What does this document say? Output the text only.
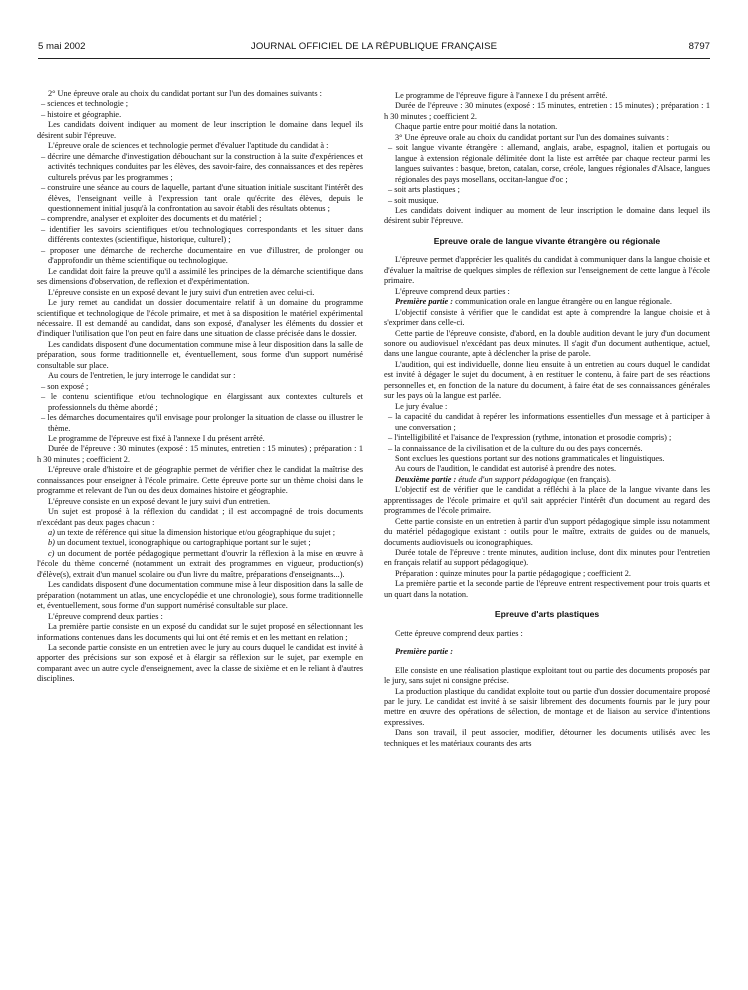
5 mai 2002	JOURNAL OFFICIEL DE LA RÉPUBLIQUE FRANÇAISE	8797

2° Une épreuve orale au choix du candidat portant sur l'un des domaines suivants :

– sciences et technologie ;
– histoire et géographie.

Les candidats doivent indiquer au moment de leur inscription le domaine dans lequel ils désirent subir l'épreuve.

L'épreuve orale de sciences et technologie permet d'évaluer l'aptitude du candidat à :

– décrire une démarche d'investigation débouchant sur la construction à la suite d'expériences et activités techniques conduites par les élèves, des savoir-faire, des connaissances et des repères culturels prévus par les programmes ;
– construire une séance au cours de laquelle, partant d'une situation initiale suscitant l'intérêt des élèves, l'enseignant veille à l'expression tant orale qu'écrite des élèves, depuis le questionnement initial jusqu'à la confrontation au savoir établi des résultats obtenus ;
– comprendre, analyser et exploiter des documents et du matériel ;
– identifier les savoirs scientifiques et/ou technologiques correspondants et les situer dans différents contextes (scientifique, historique, culturel) ;
– proposer une démarche de recherche documentaire en vue d'illustrer, de prolonger ou d'approfondir un thème scientifique ou technologique.

Le candidat doit faire la preuve qu'il a assimilé les principes de la démarche scientifique dans ses dimensions d'observation, de reflexion et d'expérimentation.

L'épreuve consiste en un exposé devant le jury suivi d'un entretien avec celui-ci.

Le jury remet au candidat un dossier documentaire relatif à un domaine du programme scientifique et technologique de l'école primaire, et met à sa disposition le matériel expérimental nécessaire. Il est demandé au candidat, dans son exposé, d'analyser les éléments du dossier et d'indiquer l'utilisation que l'on peut en faire dans une situation de classe précisée dans le dossier.

Les candidats disposent d'une documentation commune mise à leur disposition dans la salle de préparation, sous forme traditionnelle et, éventuellement, sous forme d'un support numérisé consultable sur place.

Au cours de l'entretien, le jury interroge le candidat sur :

– son exposé ;
– le contenu scientifique et/ou technologique en élargissant aux contextes culturels et professionnels du thème abordé ;
– les démarches documentaires qu'il envisage pour prolonger la situation de classe ou illustrer le thème.

Le programme de l'épreuve est fixé à l'annexe I du présent arrêté.

Durée de l'épreuve : 30 minutes (exposé : 15 minutes, entretien : 15 minutes) ; préparation : 1 h 30 minutes ; coefficient 2.

L'épreuve orale d'histoire et de géographie permet de vérifier chez le candidat la maîtrise des connaissances pour enseigner à l'école primaire. Cette épreuve porte sur un thème choisi dans le programme et relevant de l'un ou des deux domaines histoire et géographie.

L'épreuve consiste en un exposé devant le jury suivi d'un entretien.

Un sujet est proposé à la réflexion du candidat ; il est accompagné de trois documents n'excédant pas deux pages chacun :

a) un texte de référence qui situe la dimension historique et/ou géographique du sujet ;

b) un document textuel, iconographique ou cartographique portant sur le sujet ;

c) un document de portée pédagogique permettant d'ouvrir la réflexion à la mise en œuvre à l'école du thème concerné (notamment un extrait des programmes en vigueur, production(s) d'élève(s), extrait d'un manuel scolaire ou d'un livre du maître, préparations d'enseignants...).

Les candidats disposent d'une documentation commune mise à leur disposition dans la salle de préparation (notamment un atlas, une encyclopédie et une chronologie), sous forme traditionnelle et, éventuellement, sous forme d'un support numérisé consultable sur place.

L'épreuve comprend deux parties :

La première partie consiste en un exposé du candidat sur le sujet proposé en sélectionnant les informations contenues dans les documents qui lui ont été remis et en les mettant en relation ;

La seconde partie consiste en un entretien avec le jury au cours duquel le candidat est invité à apporter des précisions sur son exposé et à élargir sa réflexion sur le sujet, par exemple en comparant avec un autre cycle d'enseignement, avec la classe de sixième et en le reliant à d'autres disciplines.

Le programme de l'épreuve figure à l'annexe I du présent arrêté.

Durée de l'épreuve : 30 minutes (exposé : 15 minutes, entretien : 15 minutes) ; préparation : 1 h 30 minutes ; coefficient 2.

Chaque partie entre pour moitié dans la notation.

3° Une épreuve orale au choix du candidat portant sur l'un des domaines suivants :

– soit langue vivante étrangère : allemand, anglais, arabe, espagnol, italien et portugais ou langue à extension régionale délimitée dont la liste est arrêtée par chaque recteur parmi les langues suivantes : basque, breton, catalan, corse, créole, langues régionales d'Alsace, langues régionales des pays mosellans, occitan-langue d'oc ;
– soit arts plastiques ;
– soit musique.

Les candidats doivent indiquer au moment de leur inscription le domaine dans lequel ils désirent subir l'épreuve.

Epreuve orale de langue vivante étrangère ou régionale

L'épreuve permet d'apprécier les qualités du candidat à communiquer dans la langue choisie et d'évaluer la maîtrise de quelques simples de réflexion sur l'enseignement de cette langue à l'école primaire.

L'épreuve comprend deux parties :

Première partie : communication orale en langue étrangère ou en langue régionale.

L'objectif consiste à vérifier que le candidat est apte à comprendre la langue choisie et à s'exprimer dans celle-ci.

Cette partie de l'épreuve consiste, d'abord, en la double audition devant le jury d'un document sonore ou audiovisuel n'excédant pas deux minutes. Il s'agit d'un document authentique, actuel, dans une langue courante, apte à déclencher la prise de parole.

L'audition, qui est individuelle, donne lieu ensuite à un entretien au cours duquel le candidat est invité à dégager le sujet du document, à en restituer le contenu, à faire part de ses réactions personnelles et, en fonction de la nature du document, à faire état de ses connaissances générales sur les pays où la langue est parlée.

Le jury évalue :

– la capacité du candidat à repérer les informations essentielles d'un message et à participer à une conversation ;
– l'intelligibilité et l'aisance de l'expression (rythme, intonation et prosodie compris) ;
– la connaissance de la civilisation et de la culture du ou des pays concernés.

Sont exclues les questions portant sur des notions grammaticales et linguistiques.

Au cours de l'audition, le candidat est autorisé à prendre des notes.

Deuxième partie : étude d'un support pédagogique (en français).

L'objectif est de vérifier que le candidat a réfléchi à la place de la langue vivante dans les apprentissages de l'école primaire et qu'il sait apprécier l'intérêt d'un document au regard des programmes de l'école primaire.

Cette partie consiste en un entretien à partir d'un support pédagogique simple issu notamment du matériel pédagogique existant : outils pour le maître, extraits de guides ou de manuels, documents audiovisuels ou iconographiques.

Durée totale de l'épreuve : trente minutes, audition incluse, dont dix minutes pour l'entretien en français relatif au support pédagogique).

Préparation : quinze minutes pour la partie pédagogique ; coefficient 2.

La première partie et la seconde partie de l'épreuve entrent respectivement pour trois quarts et un quart dans la notation.

Epreuve d'arts plastiques

Cette épreuve comprend deux parties :

Première partie :

Elle consiste en une réalisation plastique exploitant tout ou partie des documents proposés par le jury, sans sujet ni consigne précise.

La production plastique du candidat exploite tout ou partie d'un dossier documentaire proposé par le jury. Le candidat est invité à se saisir librement des documents fournis par le jury pour mettre en œuvre des opérations de sélection, de montage et de liaison au service d'intentions expressives.

Dans son travail, il peut associer, modifier, détourner les documents utilisés avec les techniques et les matériaux courants des arts
